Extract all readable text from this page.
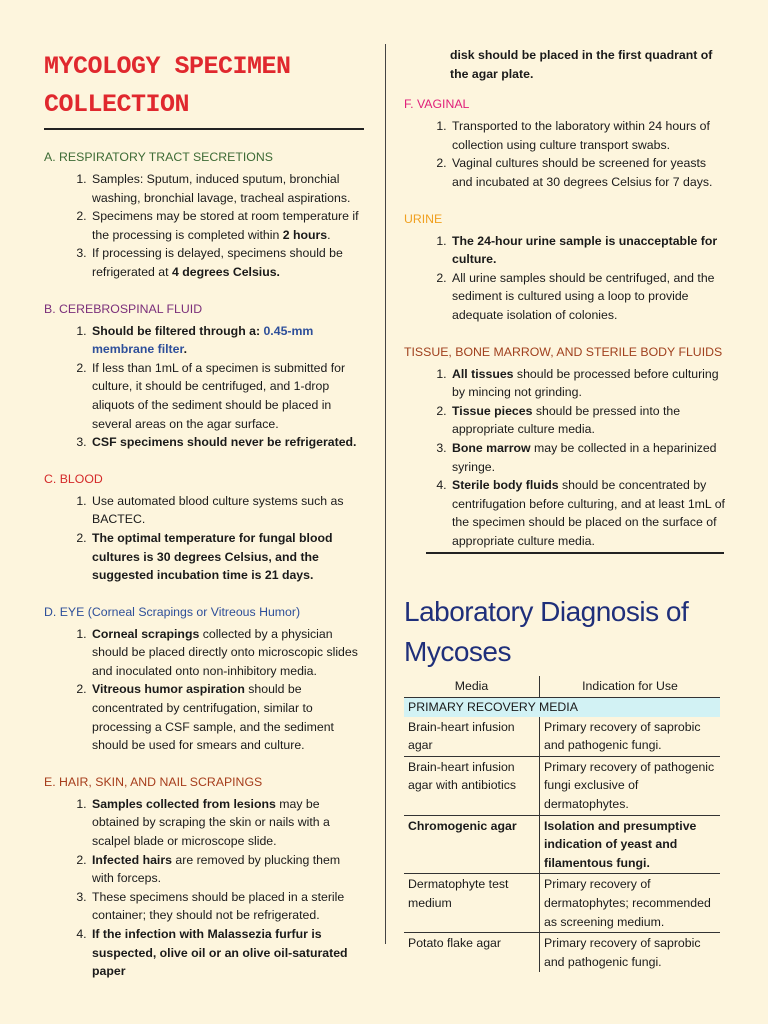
MYCOLOGY SPECIMEN
COLLECTION
A. RESPIRATORY TRACT SECRETIONS
1. Samples: Sputum, induced sputum, bronchial washing, bronchial lavage, tracheal aspirations.
2. Specimens may be stored at room temperature if the processing is completed within 2 hours.
3. If processing is delayed, specimens should be refrigerated at 4 degrees Celsius.
B. CEREBROSPINAL FLUID
1. Should be filtered through a: 0.45-mm membrane filter.
2. If less than 1mL of a specimen is submitted for culture, it should be centrifuged, and 1-drop aliquots of the sediment should be placed in several areas on the agar surface.
3. CSF specimens should never be refrigerated.
C. BLOOD
1. Use automated blood culture systems such as BACTEC.
2. The optimal temperature for fungal blood cultures is 30 degrees Celsius, and the suggested incubation time is 21 days.
D. EYE (Corneal Scrapings or Vitreous Humor)
1. Corneal scrapings collected by a physician should be placed directly onto microscopic slides and inoculated onto non-inhibitory media.
2. Vitreous humor aspiration should be concentrated by centrifugation, similar to processing a CSF sample, and the sediment should be used for smears and culture.
E. HAIR, SKIN, AND NAIL SCRAPINGS
1. Samples collected from lesions may be obtained by scraping the skin or nails with a scalpel blade or microscope slide.
2. Infected hairs are removed by plucking them with forceps.
3. These specimens should be placed in a sterile container; they should not be refrigerated.
4. If the infection with Malassezia furfur is suspected, olive oil or an olive oil-saturated paper
disk should be placed in the first quadrant of the agar plate.
F. VAGINAL
1. Transported to the laboratory within 24 hours of collection using culture transport swabs.
2. Vaginal cultures should be screened for yeasts and incubated at 30 degrees Celsius for 7 days.
URINE
1. The 24-hour urine sample is unacceptable for culture.
2. All urine samples should be centrifuged, and the sediment is cultured using a loop to provide adequate isolation of colonies.
TISSUE, BONE MARROW, AND STERILE BODY FLUIDS
1. All tissues should be processed before culturing by mincing not grinding.
2. Tissue pieces should be pressed into the appropriate culture media.
3. Bone marrow may be collected in a heparinized syringe.
4. Sterile body fluids should be concentrated by centrifugation before culturing, and at least 1mL of the specimen should be placed on the surface of appropriate culture media.
Laboratory Diagnosis of Mycoses
Media	Indication for Use
PRIMARY RECOVERY MEDIA	
Brain-heart infusion agar	Primary recovery of saprobic and pathogenic fungi.
Brain-heart infusion agar with antibiotics	Primary recovery of pathogenic fungi exclusive of dermatophytes.
Chromogenic agar	Isolation and presumptive indication of yeast and filamentous fungi.
Dermatophyte test medium	Primary recovery of dermatophytes; recommended as screening medium.
Potato flake agar	Primary recovery of saprobic and pathogenic fungi.
